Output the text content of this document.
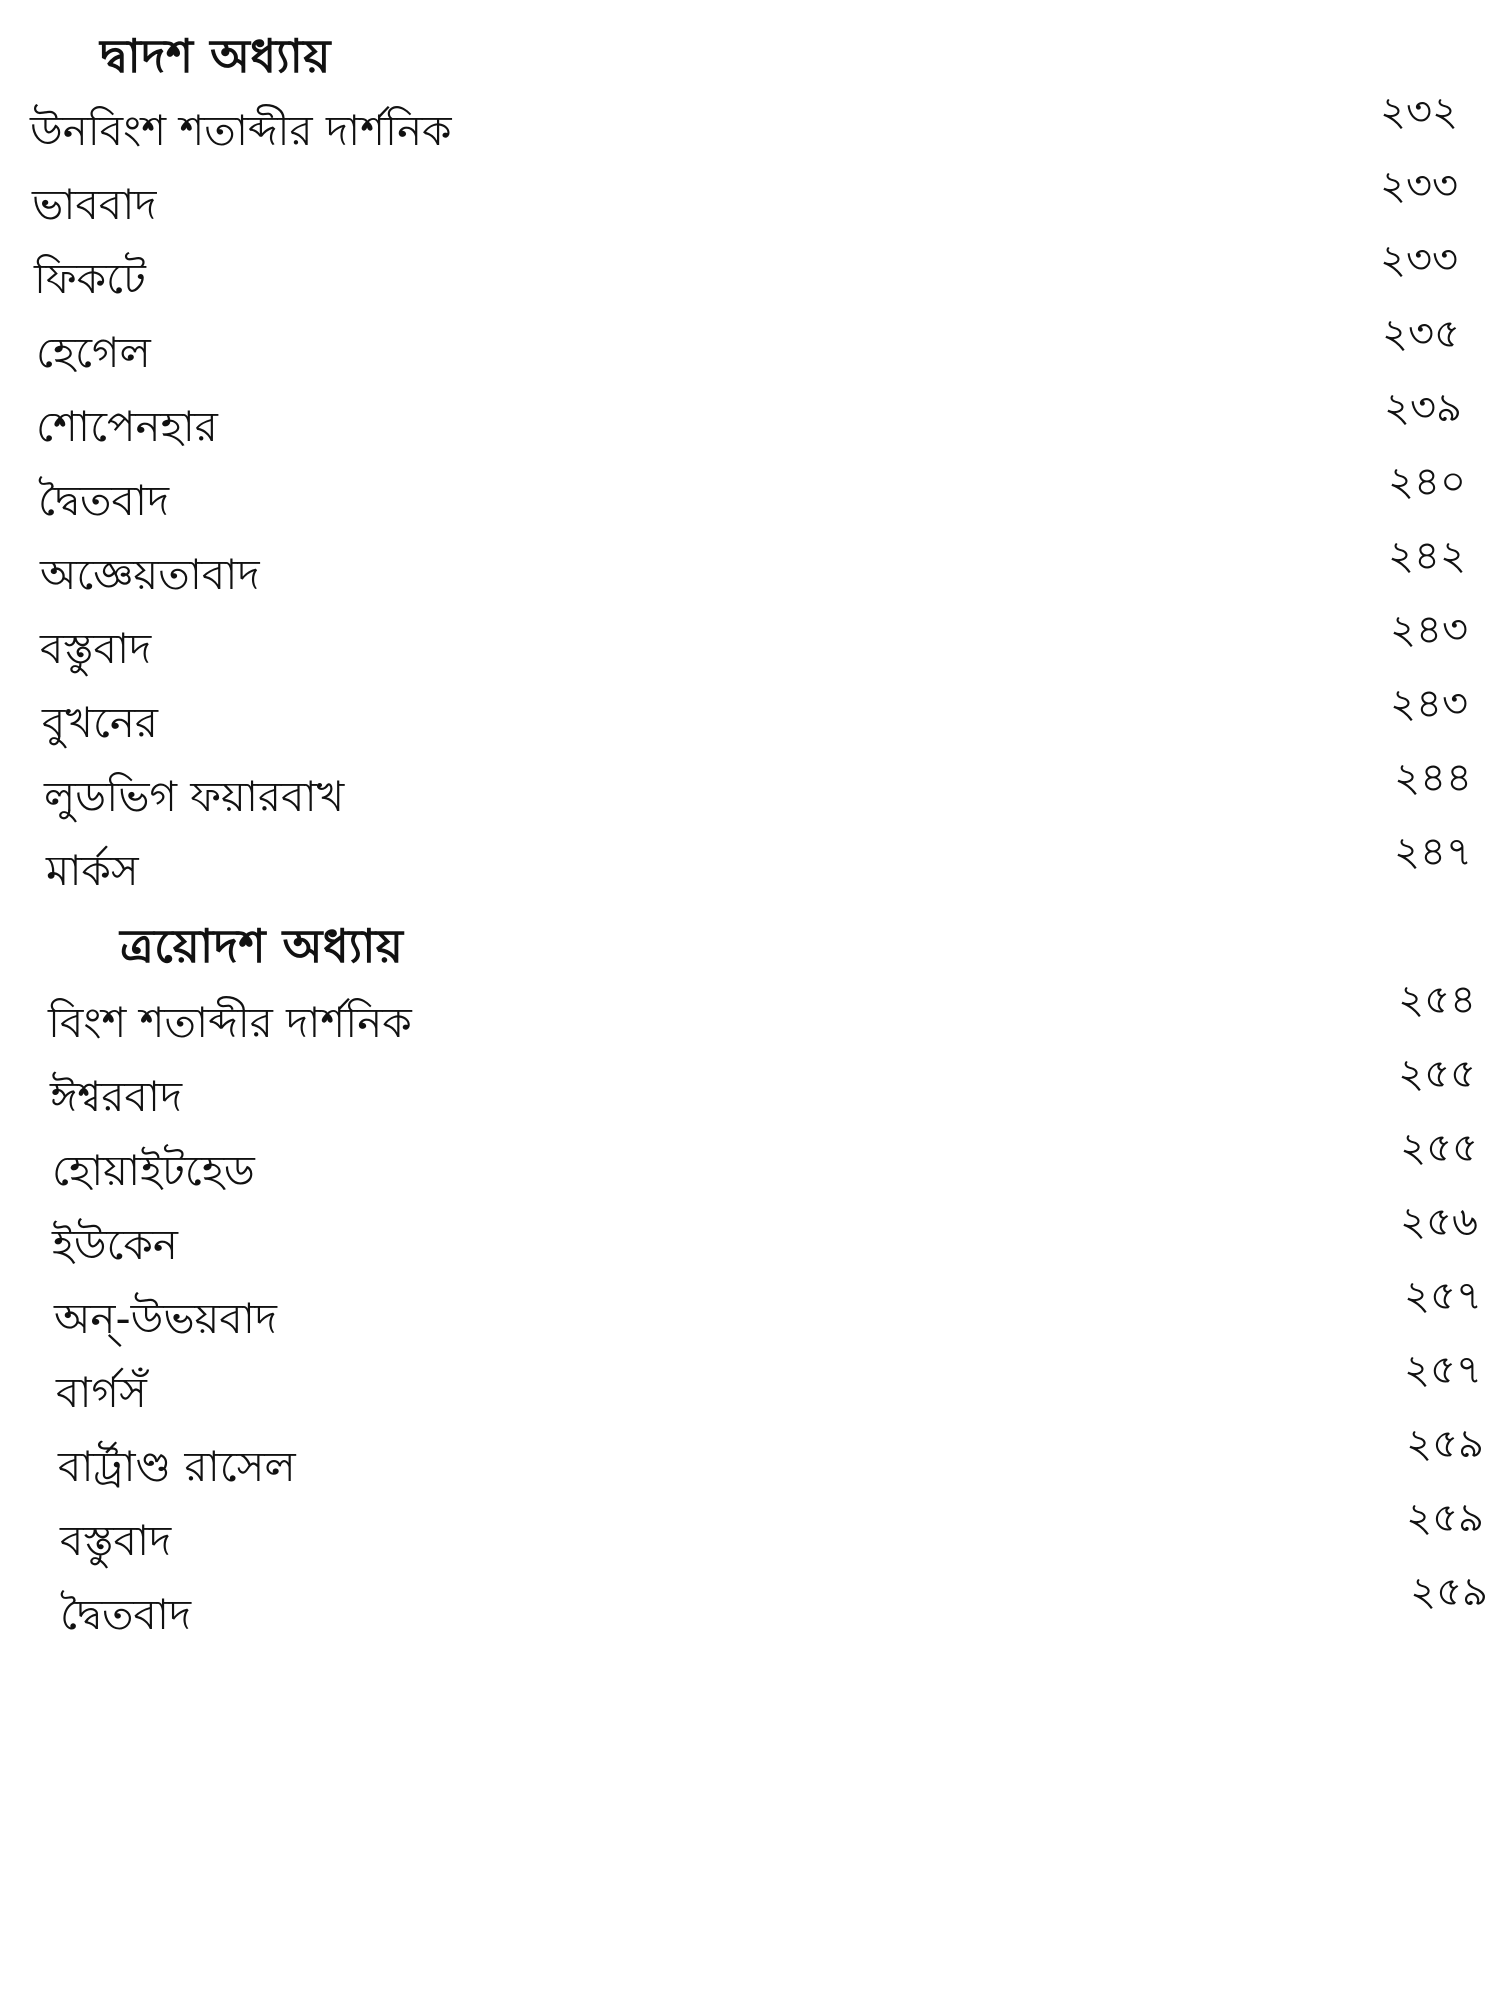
দ্বাদশ অধ্যায়
উনবিংশ শতাব্দীর দার্শনিক	২৩২
ভাববাদ	২৩৩
ফিকটে	২৩৩
হেগেল	২৩৫
শোপেনহার	২৩৯
দ্বৈতবাদ	২৪০
অজ্ঞেয়তাবাদ	২৪২
বস্তুবাদ	২৪৩
বুখনের	২৪৩
লুডভিগ ফয়ারবাখ	২৪৪
মার্কস	২৪৭
ত্রয়োদশ অধ্যায়
বিংশ শতাব্দীর দার্শনিক	২৫৪
ঈশ্বরবাদ	২৫৫
হোয়াইটহেড	২৫৫
ইউকেন	২৫৬
অন্-উভয়বাদ	২৫৭
বার্গসঁ	২৫৭
বার্ট্রাণ্ড রাসেল	২৫৯
বস্তুবাদ	২৫৯
দ্বৈতবাদ	২৫৯
